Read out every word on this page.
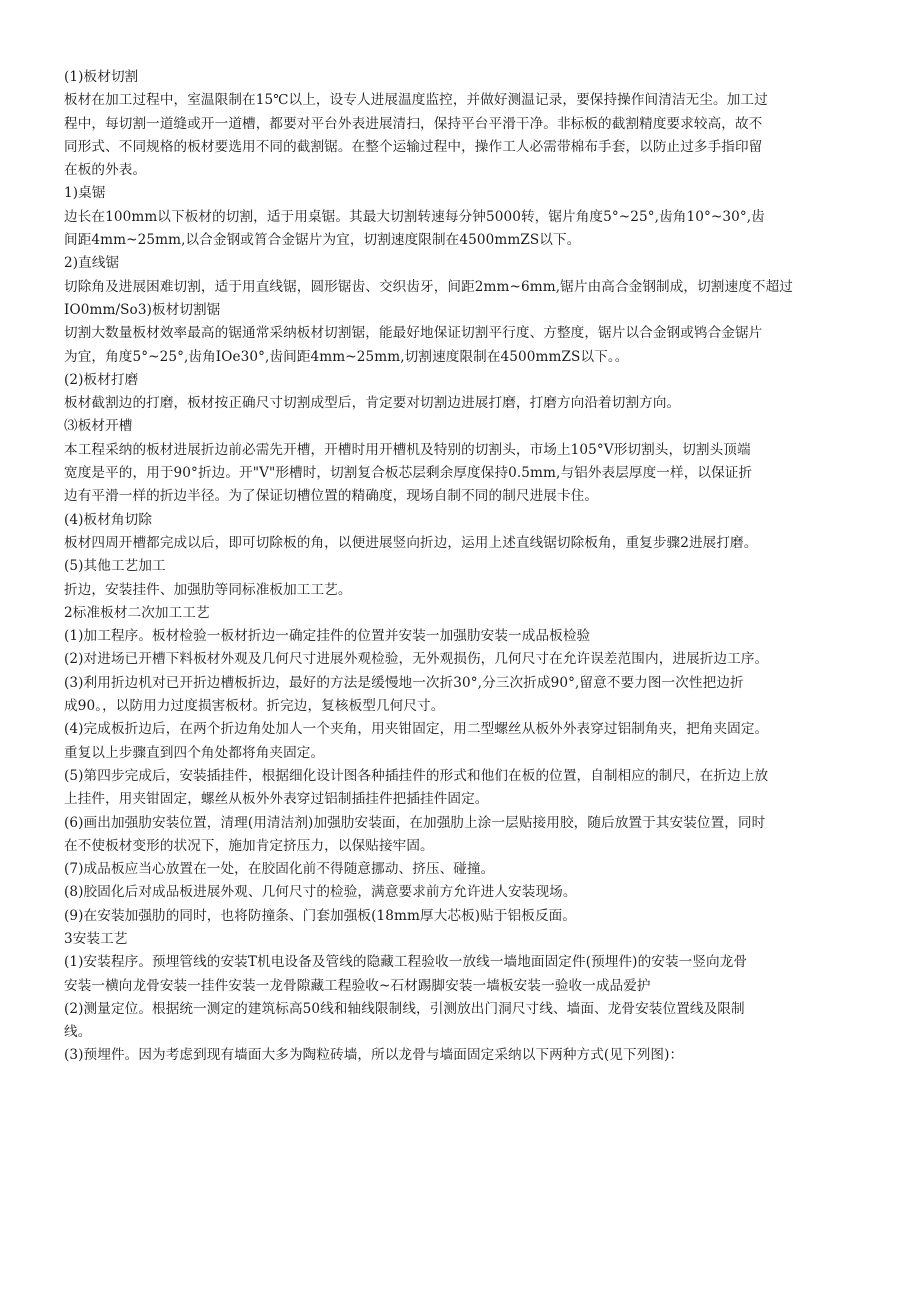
(1)板材切割
板材在加工过程中，室温限制在15℃以上，设专人进展温度监控，并做好测温记录，要保持操作间清洁无尘。加工过
程中，每切割一道缝或开一道槽，都要对平台外表进展清扫，保持平台平滑干净。非标板的截割精度要求较高，故不
同形式、不同规格的板材要选用不同的截割锯。在整个运输过程中，操作工人必需带棉布手套，以防止过多手指印留
在板的外表。
1)桌锯
边长在100mm以下板材的切割，适于用桌锯。其最大切割转速每分钟5000转，锯片角度5°~25°,齿角10°~30°,齿
间距4mm~25mm,以合金钢或筲合金锯片为宜，切割速度限制在4500mmZS以下。
2)直线锯
切除角及进展困难切割，适于用直线锯，圆形锯齿、交织齿牙，间距2mm~6mm,锯片由高合金钢制成，切割速度不超过
IO0mm/So3)板材切割锯
切割大数量板材效率最高的锯通常采纳板材切割锯，能最好地保证切割平行度、方整度，锯片以合金钢或鸨合金锯片
为宜，角度5°~25°,齿角IOe30°,齿间距4mm~25mm,切割速度限制在4500mmZS以下。。
(2)板材打磨
板材截割边的打磨，板材按正确尺寸切割成型后，肯定要对切割边进展打磨，打磨方向沿着切割方向。
⑶板材开槽
本工程采纳的板材进展折边前必需先开槽，开槽时用开槽机及特别的切割头，市场上105°V形切割头，切割头顶端
宽度是平的，用于90°折边。开"V"形槽时，切割复合板芯层剩余厚度保持0.5mm,与铝外表层厚度一样，以保证折
边有平滑一样的折边半径。为了保证切槽位置的精确度，现场自制不同的制尺进展卡住。
(4)板材角切除
板材四周开槽都完成以后，即可切除板的角，以便进展竖向折边，运用上述直线锯切除板角，重复步骤2进展打磨。
(5)其他工艺加工
折边，安装挂件、加强肋等同标准板加工工艺。
2标准板材二次加工工艺
(1)加工程序。板材检验一板材折边一确定挂件的位置并安装一加强肋安装一成品板检验
(2)对进场已开槽下料板材外观及几何尺寸进展外观检验，无外观损伤，几何尺寸在允许误差范围内，进展折边工序。
(3)利用折边机对已开折边槽板折边，最好的方法是缓慢地一次折30°,分三次折成90°,留意不要力图一次性把边折
成90。，以防用力过度损害板材。折完边，复核板型几何尺寸。
(4)完成板折边后，在两个折边角处加人一个夹角，用夹钳固定，用二型螺丝从板外外表穿过铝制角夹，把角夹固定。
重复以上步骤直到四个角处都将角夹固定。
(5)第四步完成后，安装插挂件，根据细化设计图各种插挂件的形式和他们在板的位置，自制相应的制尺，在折边上放
上挂件，用夹钳固定，螺丝从板外外表穿过铝制插挂件把插挂件固定。
(6)画出加强肋安装位置，清理(用清洁剂)加强肋安装面，在加强肋上涂一层贴接用胶，随后放置于其安装位置，同时
在不使板材变形的状况下，施加肯定挤压力，以保贴接牢固。
(7)成品板应当心放置在一处，在胶固化前不得随意挪动、挤压、碰撞。
(8)胶固化后对成品板进展外观、几何尺寸的检验，满意要求前方允许进人安装现场。
(9)在安装加强肋的同时，也将防撞条、门套加强板(18mm厚大芯板)贴于铝板反面。
3安装工艺
(1)安装程序。预埋管线的安装T机电设备及管线的隐藏工程验收一放线一墙地面固定件(预埋件)的安装一竖向龙骨
安装一横向龙骨安装一挂件安装一龙骨隙藏工程验收~石材踢脚安装一墙板安装一验收一成品爱护
(2)测量定位。根据统一测定的建筑标高50线和轴线限制线，引测放出门洞尺寸线、墙面、龙骨安装位置线及限制
线。
(3)预埋件。因为考虑到现有墙面大多为陶粒砖墙，所以龙骨与墙面固定采纳以下两种方式(见下列图)：
